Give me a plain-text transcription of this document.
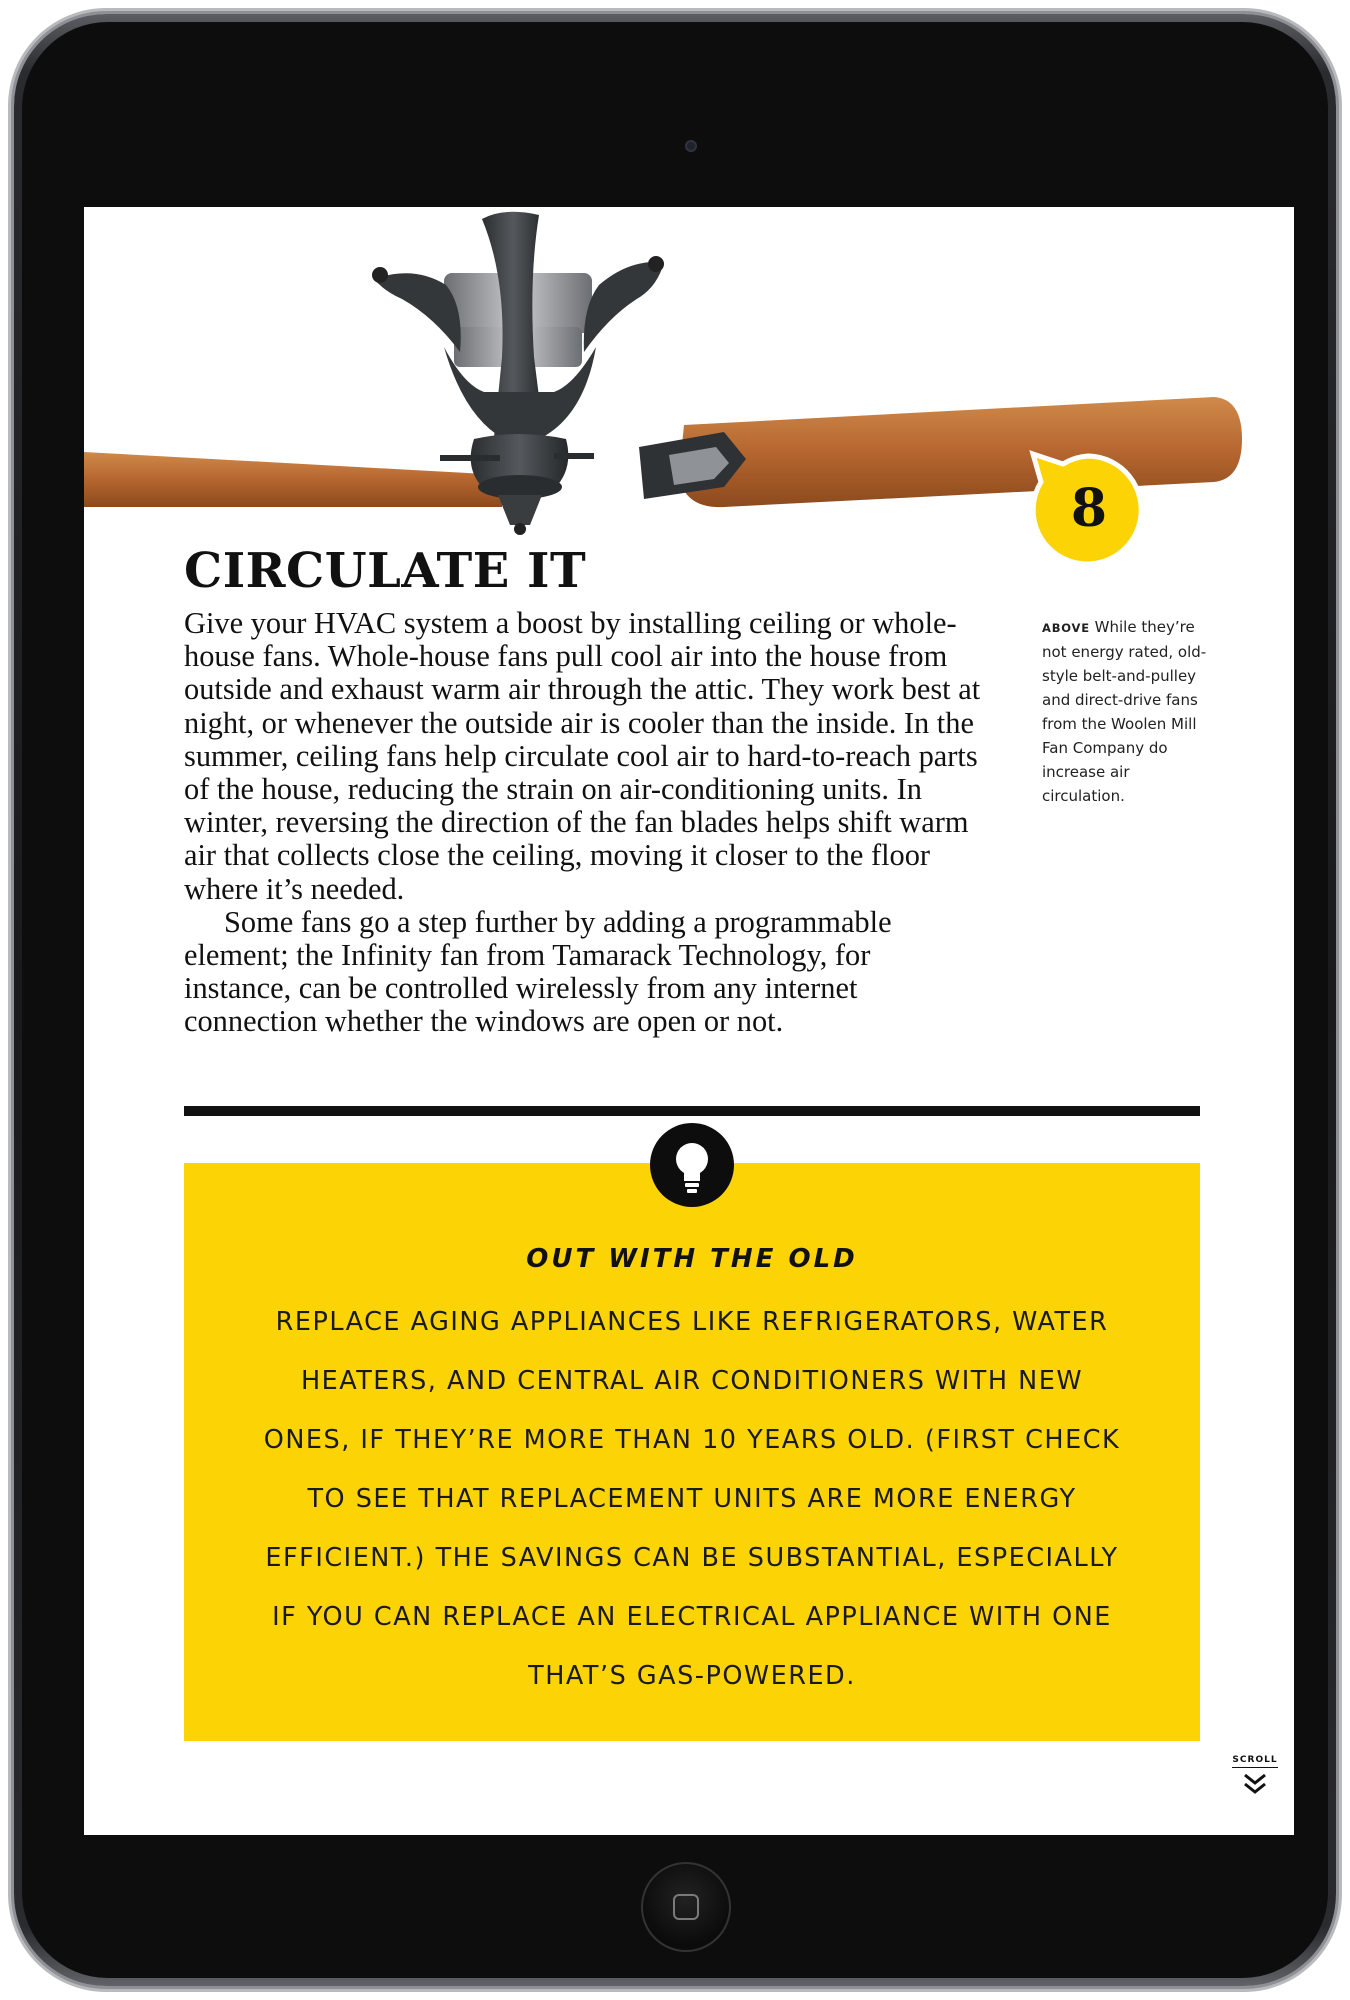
8
CIRCULATE IT

Give your HVAC system a boost by installing ceiling or whole-house fans. Whole-house fans pull cool air into the house from outside and exhaust warm air through the attic. They work best at night, or whenever the outside air is cooler than the inside. In the summer, ceiling fans help circulate cool air to hard-to-reach parts of the house, reducing the strain on air-conditioning units. In winter, reversing the direction of the fan blades helps shift warm air that collects close the ceiling, moving it closer to the floor where it’s needed.

Some fans go a step further by adding a programmable element; the Infinity fan from Tamarack Technology, for instance, can be controlled wirelessly from any internet connection whether the windows are open or not.

ABOVE While they’re not energy rated, old-style belt-and-pulley and direct-drive fans from the Woolen Mill Fan Company do increase air circulation.
OUT WITH THE OLD

REPLACE AGING APPLIANCES LIKE REFRIGERATORS, WATER HEATERS, AND CENTRAL AIR CONDITIONERS WITH NEW ONES, IF THEY’RE MORE THAN 10 YEARS OLD. (FIRST CHECK TO SEE THAT REPLACEMENT UNITS ARE MORE ENERGY EFFICIENT.) THE SAVINGS CAN BE SUBSTANTIAL, ESPECIALLY IF YOU CAN REPLACE AN ELECTRICAL APPLIANCE WITH ONE THAT’S GAS-POWERED.

SCROLL
